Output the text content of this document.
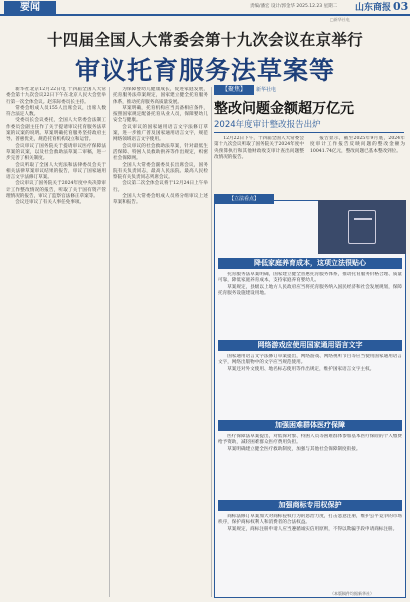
要闻	责编/潘宏 设计/郭金华 2025.12.23 星期二 山东商报 03
□新华社电
十四届全国人大常委会第十九次会议在京举行
审议托育服务法草案等

新华社北京12月22日电 十四届全国人大常委会第十九次会议22日下午在北京人民大会堂举行第一次全体会议。赵乐际委员长主持。

常委会组成人员155人出席会议，出席人数符合法定人数。

受委员长会议委托，全国人大常委会法制工作委员会副主任作了关于提请审议托育服务法草案的议案的说明。草案明确托育服务坚持政府主导、普惠优先，规范托育机构设立和运营。

会议审议了国务院关于提请审议医疗保障法草案的议案，以及社会救助法草案二审稿，进一步完善了相关制度。

会议听取了全国人大宪法和法律委员会关于相关法律草案审议结果的报告，审议了国家通用语言文字法修订草案。

会议审议了国务院关于2024年度中央决算审计工作整改情况的报告，听取了关于国有资产管理情况的报告，审议了监察官法修正草案等。

会议还审议了有关人事任免事项。

为保障婴幼儿健康成长，促进家庭发展，托育服务法草案规定，国家建立健全托育服务体系，推动托育服务高质量发展。

草案明确，托育机构应当具备相应条件，按照国家规定配备托育从业人员，保障婴幼儿安全与健康。

会议审议的国家通用语言文字法修订草案，进一步推广普及国家通用语言文字，规范网络领域语言文字使用。

会议审议的社会救助法草案，针对最低生活保障、特困人员救助供养等作出规定，织密社会保障网。

全国人大常委会副委员长出席会议，国务院有关负责同志，最高人民法院、最高人民检察院有关负责同志列席会议。

会议第二次全体会议将于12月24日上午举行。

全国人大常委会组成人员将分组审议上述草案和报告。

【聚焦】	新华社电
整改问题金额超万亿元
2024年度审计整改报告出炉

12月22日下午，十四届全国人大常委会第十九次会议听取了国务院关于2024年度中央预算执行和其他财政收支审计查出问题整改情况的报告。

报告显示，截至2025年9月底，2024年度审计工作报告反映问题的整改金额为10041.74亿元，整改问题已基本整改到位。

【立法看点】
降低家庭养育成本，这项立法很贴心

托育服务法草案明确，国家建立健全普惠托育服务体系，推动托育服务价格合理、质量可靠，降低家庭养育成本，支持家庭养育婴幼儿。

草案规定，县级以上地方人民政府应当将托育服务纳入国民经济和社会发展规划，保障托育服务设施建设用地。

网络游戏应使用国家通用语言文字

国家通用语言文字法修订草案提出，网络游戏、网络视听节目等应当使用国家通用语言文字，网络出版物中的文字应当规范使用。

草案还对外文使用、地名标志使用等作出规定，维护国家语言文字主权。

加强困难群体医疗保障

医疗保障法草案提出，对低保对象、特困人员等困难群体参加基本医疗保险的个人缴费给予资助，减轻困难群众医疗费用负担。

草案明确建立健全医疗救助制度，加强与其他社会保障制度衔接。

加强商标专用权保护

商标法修订草案加大对商标侵权行为的惩治力度，打击恶意注册，维护公平竞争的市场秩序，保护商标权利人和消费者的合法权益。

草案规定，商标注册申请人应当遵循诚实信用原则，不得以欺骗手段申请商标注册。

（本版稿件均据新华社）
